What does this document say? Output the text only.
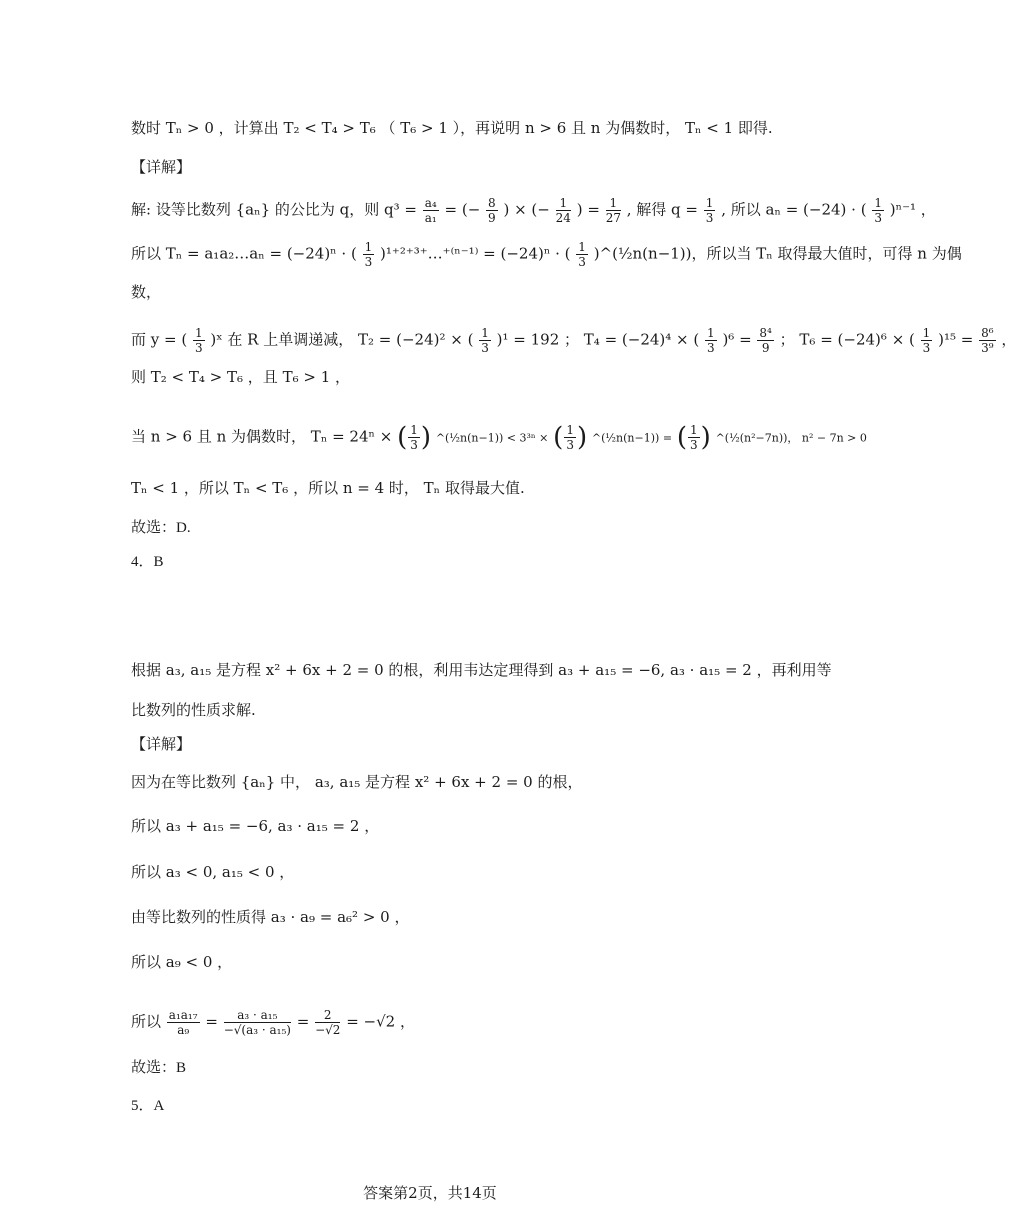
数时 Tₙ > 0 ，计算出 T₂ < T₄ > T₆ （ T₆ > 1 ），再说明 n > 6 且 n 为偶数时， Tₙ < 1 即得.
【详解】
解: 设等比数列 {aₙ} 的公比为 q，则 $q^3 = \frac{\text{a₄}}{\text{a₁}}$ = (− $\frac{8}{9}$ ) × (− $\frac{1}{24}$ ) = $\frac{1}{27}$ , 解得 $q = \frac{1}{3}$ , 所以 aₙ = (−24) · ( $\frac{1}{3} )^{n-1}$ ，
所以 Tₙ = a₁a₂…aₙ = (−24)ⁿ · ( $\frac{1}{3}$ )¹⁺²⁺³⁺…⁺⁽ⁿ⁻¹⁾ = (−24)ⁿ · ( $\frac{1}{3}$ )^(½n(n−1))，所以当 Tₙ 取得最大值时，可得 n 为偶
数，
而 y = ( $\frac{1}{3}$ )ˣ 在 R 上单调递减， T₂ = (−24)² × ( $\frac{1}{3} )^1 = 192$ ； T₄ = (−24)⁴ × ( $\frac{1}{3} )^6 = \frac{\text{8⁴}}{9}$ ； T₆ = (−24)⁶ × ( $\frac{1}{3} )^{15} = \frac{\text{8⁶}}{\text{3⁹}}$ ，
则 T₂ < T₄ > T₆ ，且 T₆ > 1 ，
当 n > 6 且 n 为偶数时， Tₙ = 24ⁿ × ( $\frac{1}{3}$ ) ^(½n(n−1)) < 3³ⁿ × ( $\frac{1}{3}$ ) ^(½n(n−1)) = ( $\frac{1}{3}$ ) ^(½(n²−7n))， n² − 7n > 0
Tₙ < 1 ，所以 Tₙ < T₆ ，所以 n = 4 时， Tₙ 取得最大值.
故选：D.
4．B
根据 a₃, a₁₅ 是方程 x² + 6x + 2 = 0 的根，利用韦达定理得到 a₃ + a₁₅ = −6, a₃ · a₁₅ = 2 ，再利用等
比数列的性质求解.
【详解】
因为在等比数列 {aₙ} 中， a₃, a₁₅ 是方程 x² + 6x + 2 = 0 的根，
所以 a₃ + a₁₅ = −6, a₃ · a₁₅ = 2 ，
所以 a₃ < 0, a₁₅ < 0 ，
由等比数列的性质得 a₃ · a₉ = a₆² > 0 ，
所以 a₉ < 0 ，
所以 $\frac{\text{a₁a₁₇}}{\text{a₉}} = \frac{\text{a₃ · a₁₅}}{\text{−√(a₃ · a₁₅)}} = \frac{2}{-√2} = -√2$ ，
故选：B
5．A
答案第2页，共14页
